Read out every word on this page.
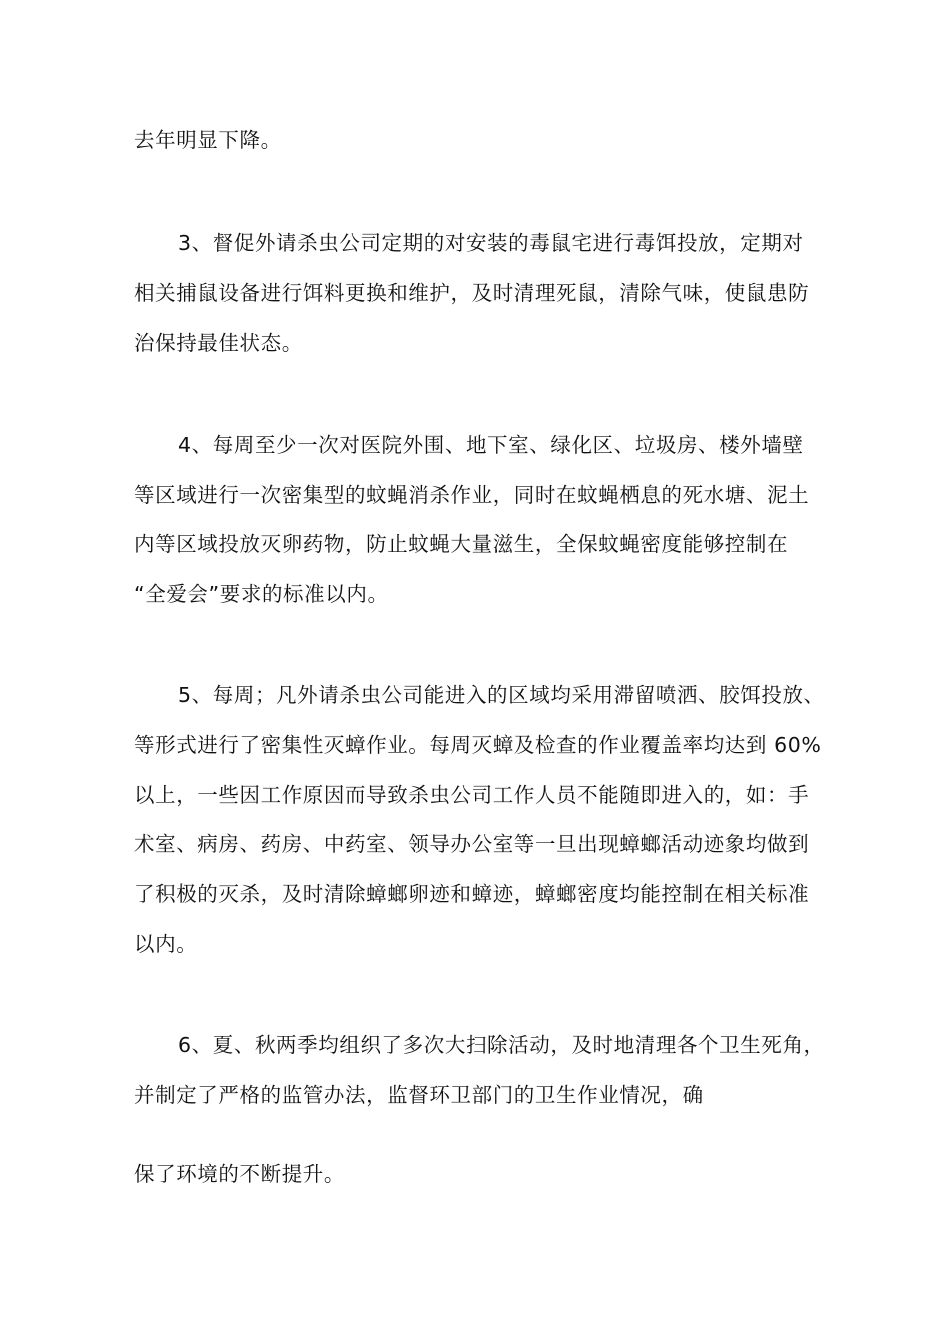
去年明显下降。
3、督促外请杀虫公司定期的对安装的毒鼠宅进行毒饵投放，定期对
相关捕鼠设备进行饵料更换和维护，及时清理死鼠，清除气味，使鼠患防
治保持最佳状态。
4、每周至少一次对医院外围、地下室、绿化区、垃圾房、楼外墙壁
等区域进行一次密集型的蚊蝇消杀作业，同时在蚊蝇栖息的死水塘、泥土
内等区域投放灭卵药物，防止蚊蝇大量滋生，全保蚊蝇密度能够控制在
“全爱会”要求的标准以内。
5、每周；凡外请杀虫公司能进入的区域均采用滞留喷洒、胶饵投放、
等形式进行了密集性灭蟑作业。每周灭蟑及检查的作业覆盖率均达到 60%
以上，一些因工作原因而导致杀虫公司工作人员不能随即进入的，如：手
术室、病房、药房、中药室、领导办公室等一旦出现蟑螂活动迹象均做到
了积极的灭杀，及时清除蟑螂卵迹和蟑迹，蟑螂密度均能控制在相关标准
以内。
6、夏、秋两季均组织了多次大扫除活动，及时地清理各个卫生死角，
并制定了严格的监管办法，监督环卫部门的卫生作业情况，确
保了环境的不断提升。
